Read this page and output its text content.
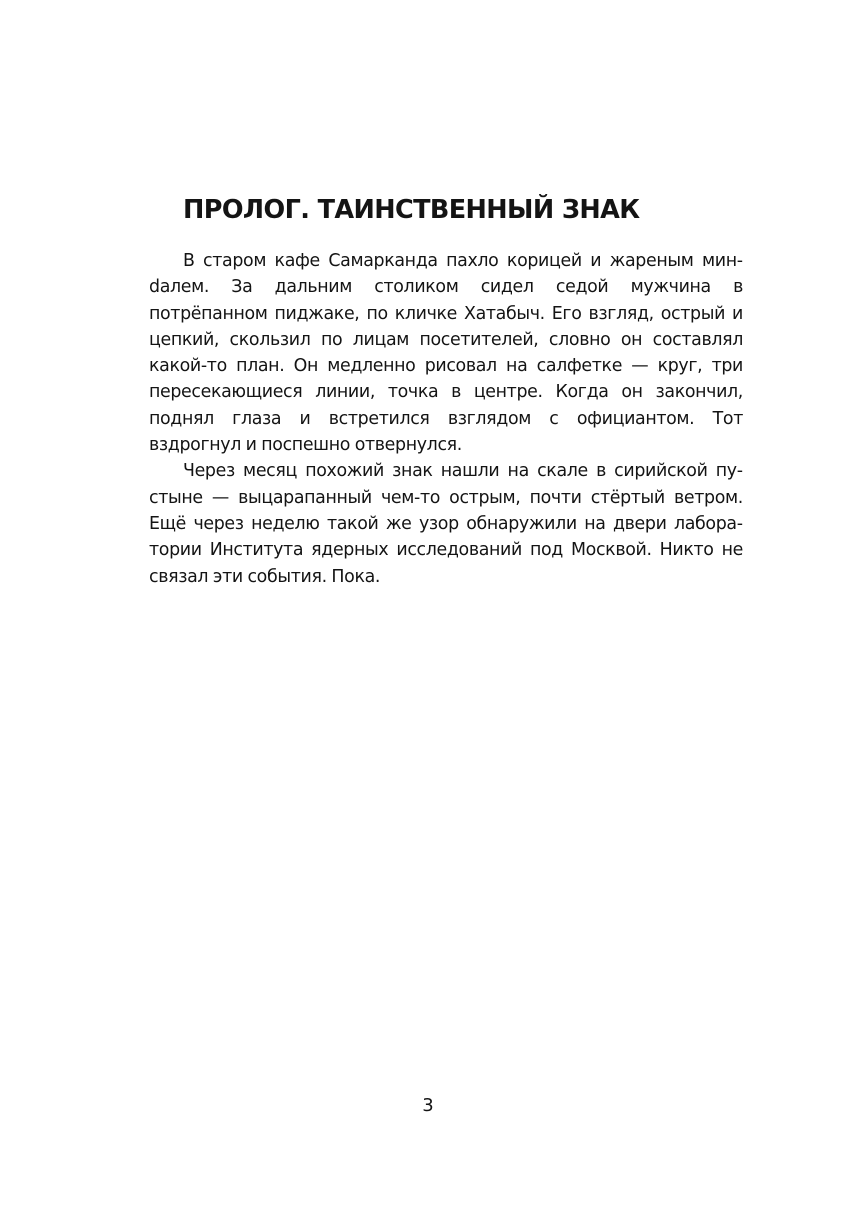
ПРОЛОГ. ТАИНСТВЕННЫЙ ЗНАК

В старом кафе Самарканда пахло корицей и жареным минdалем. За дальним столиком сидел седой мужчина в потрёпанном пиджаке, по кличке Хатабыч. Его взгляд, острый и цепкий, скользил по лицам посетителей, словно он составлял какой-то план. Он медленно рисовал на салфетке — круг, три пересекающиеся линии, точка в центре. Когда он закончил, поднял глаза и встретился взглядом с официантом. Тот вздрогнул и поспешно отвернулся.

Через месяц похожий знак нашли на скале в сирийской пустыне — выцарапанный чем-то острым, почти стёртый ветром. Ещё через неделю такой же узор обнаружили на двери лаборатории Института ядерных исследований под Москвой. Никто не связал эти события. Пока.

3
